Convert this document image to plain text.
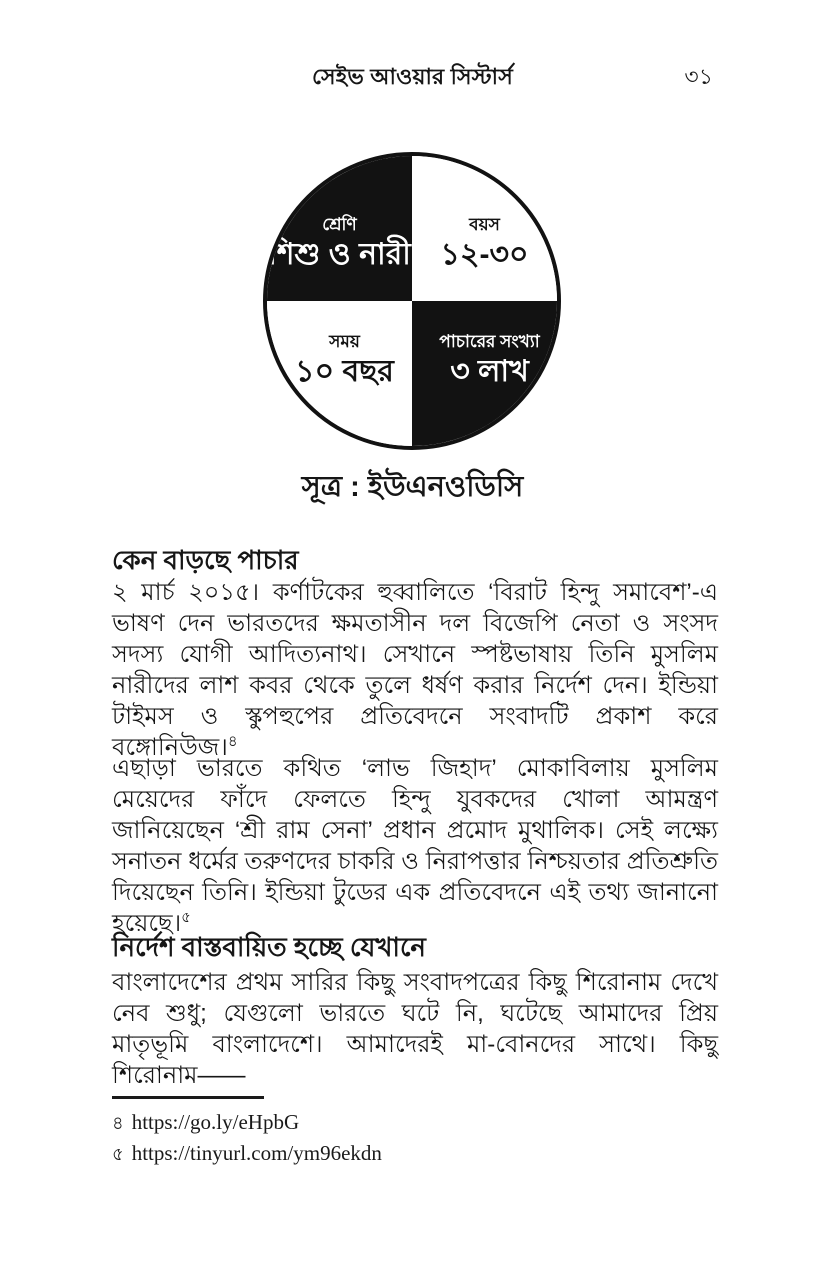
সেইভ আওয়ার সিস্টার্স	৩১
শ্রেণি
শিশু ও নারী
বয়স
১২-৩০
সময়
১০ বছর
পাচারের সংখ্যা
৩ লাখ
সূত্র : ইউএনওডিসি
কেন বাড়ছে পাচার
২ মার্চ ২০১৫। কর্ণাটকের হুব্বালিতে ‘বিরাট হিন্দু সমাবেশ’-এ ভাষণ দেন ভারতদের ক্ষমতাসীন দল বিজেপি নেতা ও সংসদ সদস্য যোগী আদিত্যনাথ। সেখানে স্পষ্টভাষায় তিনি মুসলিম নারীদের লাশ কবর থেকে তুলে ধর্ষণ করার নির্দেশ দেন। ইন্ডিয়া টাইমস ও স্কুপহুপের প্রতিবেদনে সংবাদটি প্রকাশ করে বঙ্গোনিউজ।$^৪$
এছাড়া ভারতে কথিত ‘লাভ জিহাদ’ মোকাবিলায় মুসলিম মেয়েদের ফাঁদে ফেলতে হিন্দু যুবকদের খোলা আমন্ত্রণ জানিয়েছেন ‘শ্রী রাম সেনা’ প্রধান প্রমোদ মুথালিক। সেই লক্ষ্যে সনাতন ধর্মের তরুণদের চাকরি ও নিরাপত্তার নিশ্চয়তার প্রতিশ্রুতি দিয়েছেন তিনি। ইন্ডিয়া টুডের এক প্রতিবেদনে এই তথ্য জানানো হয়েছে।$^৫$
নির্দেশ বাস্তবায়িত হচ্ছে যেখানে
বাংলাদেশের প্রথম সারির কিছু সংবাদপত্রের কিছু শিরোনাম দেখে নেব শুধু; যেগুলো ভারতে ঘটে নি, ঘটেছে আমাদের প্রিয় মাতৃভূমি বাংলাদেশে। আমাদেরই মা-বোনদের সাথে। কিছু শিরোনাম——
৪ https://go.ly/eHpbG
৫ https://tinyurl.com/ym96ekdn
